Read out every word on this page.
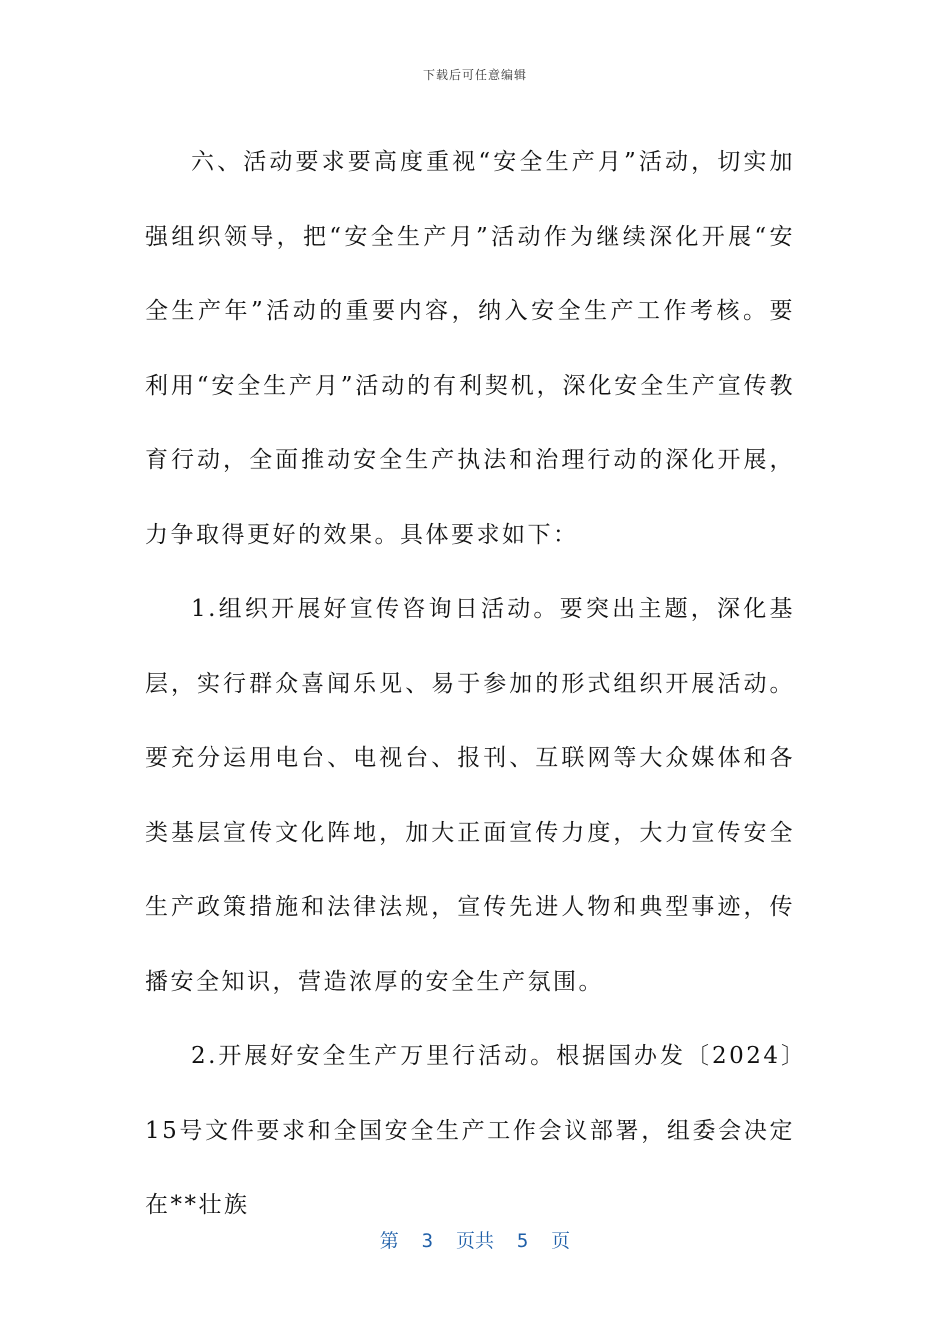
下载后可任意编辑

六、活动要求要高度重视“安全生产月”活动，切实加强组织领导，把“安全生产月”活动作为继续深化开展“安全生产年”活动的重要内容，纳入安全生产工作考核。要利用“安全生产月”活动的有利契机，深化安全生产宣传教育行动，全面推动安全生产执法和治理行动的深化开展，力争取得更好的效果。具体要求如下：

1.组织开展好宣传咨询日活动。要突出主题，深化基层，实行群众喜闻乐见、易于参加的形式组织开展活动。要充分运用电台、电视台、报刊、互联网等大众媒体和各类基层宣传文化阵地，加大正面宣传力度，大力宣传安全生产政策措施和法律法规，宣传先进人物和典型事迹，传播安全知识，营造浓厚的安全生产氛围。

2.开展好安全生产万里行活动。根据国办发〔2024〕15号文件要求和全国安全生产工作会议部署，组委会决定在**壮族

第  3  页共  5  页
